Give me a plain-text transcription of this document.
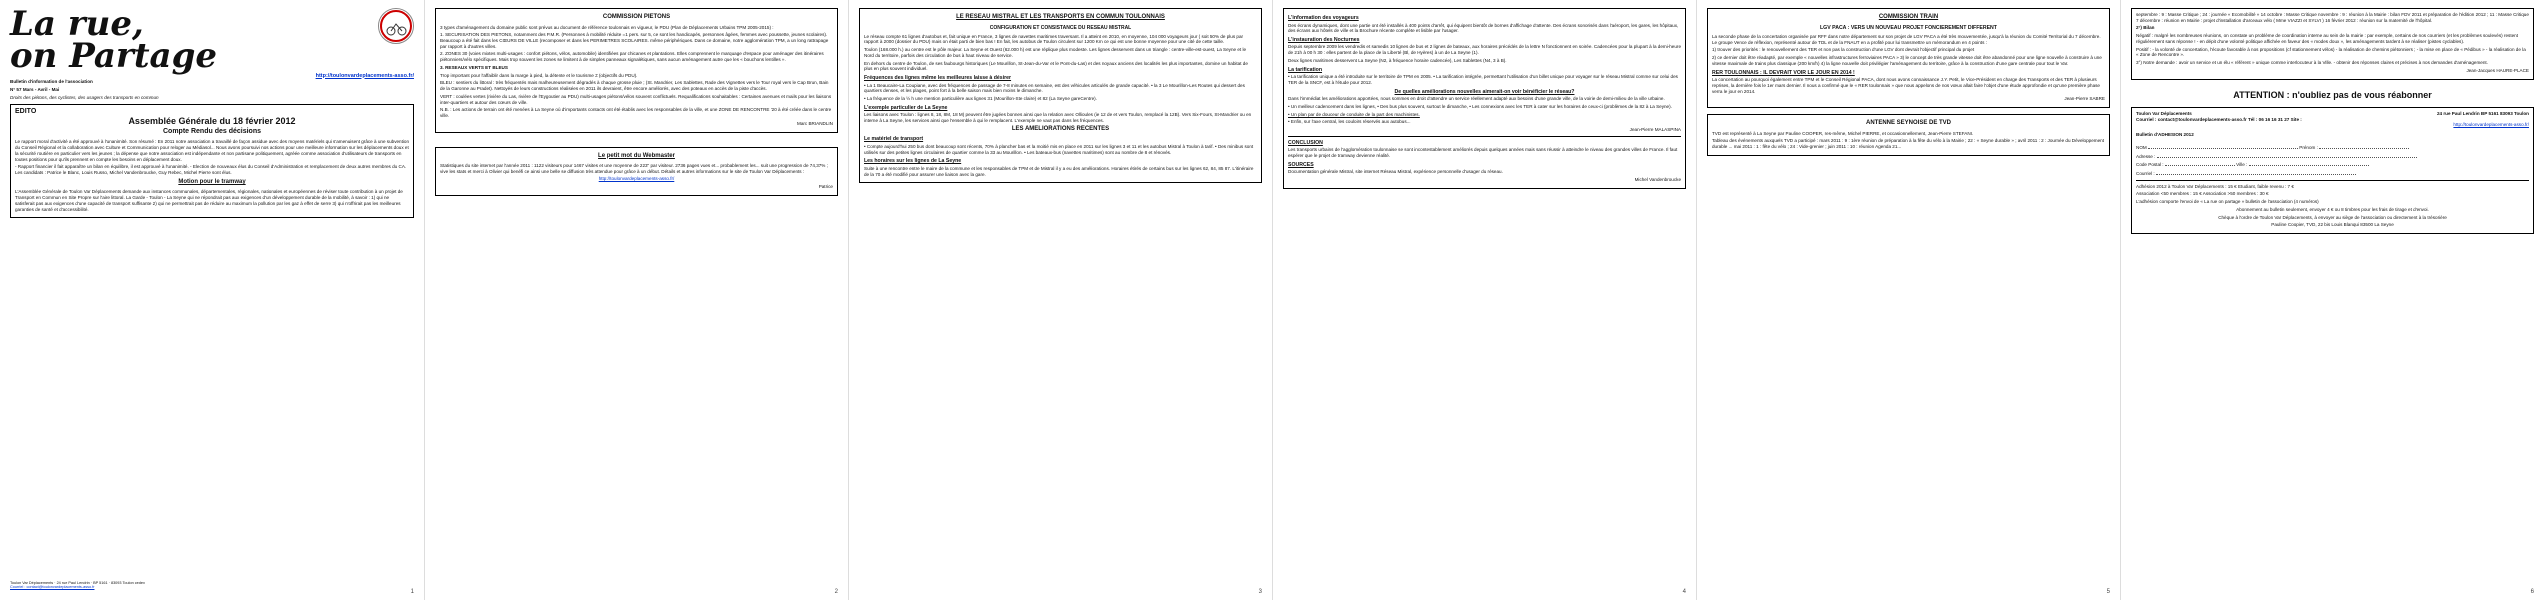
La rue,
on Partage	http://toulonvardeplacements-asso.fr/

Bulletin d'information de l'association

N° 57 Mars - Avril - Mai

Droits des piétons, des cyclistes, des usagers des transports en commun

EDITO
Assemblée Générale du 18 février 2012
Compte Rendu des décisions

Le rapport moral d'activité a été approuvé à l'unanimité. Son résumé : En 2011 notre association a travaillé de façon assidue avec des moyens matériels qui s'amenuisent grâce à une subvention du Conseil Régional et la collaboration avec Culture et Communication pour reloger au Médiasol... Nous avons poursuivi nos actions pour une meilleure information sur les déplacements doux et la sécurité routière en particulier vers les jeunes ; la dépense que notre association est indépendante et non partisane politiquement, agréée comme association d'utilisateurs de transports en toutes positions pour qu'ils prennent en compte les besoins en déplacement doux.

- Rapport financier il fait apparaître un bilan en équilibre, il est approuvé à l'unanimité. - Election de nouveaux élus du Conseil d'Administration et remplacement de deux autres membres du CA. Les candidats : Patrice le Blanc, Louis Russo, Michel Vandenbroucke, Guy Rebec, Michel Pierre sont élus.

Motion pour le tramway

L'Assemblée Générale de Toulon Var Déplacements demande aux instances communales, départementales, régionales, nationales et européennes de réviser toute contribution à un projet de Transport en Commun en Site Propre sur l'aire littoral. La Garde - Toulon - La Seyne qui ne répondrait pas aux exigences d'un développement durable de la mobilité, à savoir : 1) qui ne satisferait pas aux exigences d'une capacité de transport suffisante 2) qui ne permettrait pas de réduire au maximum la pollution par les gaz à effet de serre 3) qui n'offrirait pas les meilleures garanties de santé et d'accessibilité.

Toulon Var Déplacements · 24 rue Paul Lendrin · BP 5161 · 83093 Toulon cedex
Courriel : contact@toulonvardeplacements-asso.fr
1
COMMISSION PIETONS

3 types d'aménagement du domaine public sont prévus au document de référence toulonnais en vigueur, le PDU (Plan de Déplacements Urbains TPM 2005-2015) :

1. SECURISATION DES PIETONS, notamment des P.M.R. (Personnes à mobilité réduite =1 pers. sur 5, ce sont les handicapés, personnes âgées, femmes avec poussette, jeunes scolaires). Beaucoup a été fait dans les CŒURS DE VILLE (recomposer et dans les PERIMETRES SCOLAIRES. même périphériques. Dans ce domaine, notre agglomération TPM, a un long rattrapage par rapport à d'autres villes.

2. ZONES 30 (voies mixtes multi-usages : confort piétons, vélos, automobile) identifiées par chicanes et plantations. Elles comprennent le marquage d'espace pour aménager des itinéraires piétonniers/vélo spécifiques. Mais trop souvent les zones se limitent à de simples panneaux signalétiques, sans aucun aménagement autre que les « bouchons lentilles ».

3. RESEAUX VERTS ET BLEUS

Trop important pour l'affaiblir dans la marge à pied, la détente et le tourisme ≠ (objectifs du PDU).

BLEU : sentiers du littoral : très fréquentés mais malheureusement dégradés à chaque grosse pluie ; (St. Mandrier, Les Sablettes, Rade des Vignettes vers le Tour royal vers le Cap Brun, Bain de la Garonne au Pradet). Nettoyés de leurs constructions réalisées en 2011 ils devraient, être encore améliorés, avec des poteaux en accès de la piste d'accès.

VERT : coulées vertes (rivière du Las, rivière de l'Eygoutier au PDU) multi-usages piétons/vélos souvent conflictuels. Requalifications souhaitables : Certaines avenues et mails pour les liaisons inter-quartiers et autour des cœurs de ville.

N.B. : Les actions de terrain ont été menées à La Seyne où d'importants contacts ont été établis avec les responsables de la ville, et une ZONE DE RENCONTRE '20 à été créée dans le centre ville.

Marc BRIANDLIN

Le petit mot du Webmaster

Statistiques du site internet par l'année 2011 : 1122 visiteurs pour 1467 visites et une moyenne de 223" par visiteur. 2736 pages vues et... probablement les... suit une progression de 74,37% ; vive les stats et merci à Olivier qui benéfi ce ainsi une belle se diffusion très attendue pour grâce à un début. Détails et autres informations sur le site de Toulon Var Déplacements :

http://toulonvardeplacements-asso.fr/

Patrice

2
LE RESEAU MISTRAL ET LES TRANSPORTS EN COMMUN TOULONNAIS
CONFIGURATION ET CONSISTANCE DU RESEAU MISTRAL

Le réseau compte 61 lignes d'autobus et, fait unique en France, 3 lignes de navettes maritimes traversant. Il a atteint en 2010, en moyenne, 104 000 voyageurs jour ( soit 50% de plus par rapport à 2000 (dossier du PDU) mais on était parti de bien bas ! En fait, les autobus de Toulon circulent sur 1200 Km ce qui est une bonne moyenne pour une cité de cette taille.

Toulon (168.000 h.) au centre est le pôle majeur. La Seyne et Ouest (62.000 h) est une réplique plus modeste. Les lignes desservent dans un triangle : centre-ville-est-ouest, La Seyne et le Nord du territoire, parfois des circulation de bus à haut niveau de service.

En dehors du centre de Toulon, de ses faubourgs historiques (Le Mourillon, St-Jean-du-Var et le Pont-du-Las) et des noyaux anciens des localités les plus importantes, domine un habitat de plus en plus souvent individuel.

Fréquences des lignes même les meilleures laisse à désirer

• La 1 Beaucaire-La Coupiane, avec des fréquences de passage de 7-8 minutes en semaine, est des véhicules articulés de grande capacité. • la 3 Le Mourillon-Les Routes qui dessert des quartiers denses, et les plages, point fort à la belle saison mais bien moins le dimanche.

• La fréquence de la ½ h une mention particulière aux lignes 31 (Mourillon-Ste claire) et 82 (La Seyne gareCentre).

L'exemple particulier de La Seyne

Les liaisons avec Toulon : lignes 8, 18, 8M, 18 M) peuvent être jugées bonnes ainsi que la relation avec Ollioules (ie 12 de et vers Toulon, remplacé la 12B). Vers Six-Fours, St-Mandrier ou en interne à La Seyne, les services ainsi que l'ensemble à qui le remplacent. L'exemple ne vaut pas dans les fréquences.

LES AMELIORATIONS RECENTES

Le matériel de transport

• Compte aujourd'hui 250 bus dont beaucoup sont récents, 70% à plancher bas et la moitié mis en place en 2011 sur les lignes 3 et 11 et les autobus Mistral à Toulon à tarif. • Des minibus sont utilisés sur des petites lignes circulaires de quartier comme la 33 au Mourillon. • Les bateaux-bus (navettes maritimes) sont au nombre de 8 et rénovés.

Les horaires sur les lignes de La Seyne

Suite à une rencontre entre le maire de la commune et les responsables de TPM et de Mistral il y a eu des améliorations. Horaires étirés de certains bus sur les lignes 62, 84, 85 87. L'itinéraire de la 70 a été modifié pour assurer une liaison avec la gare.

3

L'information des voyageurs

Des écrans dynamiques, dont une partie ont été installés à 400 points d'arrêt, qui équipent bientôt de bornes d'affichage d'attente. Des écrans sonorisés dans l'aéroport, les gares, les hôpitaux, des écrans aux hôtels de ville et la Brochure récente complète et lisible par l'usager.

L'instauration des Nocturnes

Depuis septembre 2009 les vendredis et samedis 10 lignes de bus et 2 lignes de bateaux, aux horaires précédés de la lettre N fonctionnent en soirée. Cadencées pour la plupart à la demi-heure de 21h à 00 h 30 : elles partent de la place de la Liberté (Bl, de Hyères) à un de La Seyne (1).

Deux lignes maritimes desservent La Seyne (N2, à fréquence horaire cadencée), Les Sablettes (N4, 3 à B).

La tarification

• La tarification unique a été introduite sur le territoire de TPM en 2005. • La tarification intégrée, permettant l'utilisation d'un billet unique pour voyager sur le réseau Mistral comme sur celui des TER de la SNCF, est à l'étude pour 2012.

De quelles améliorations nouvelles aimerait-on voir bénéficier le réseau?

Dans l'immédiat les améliorations apportées, nous sommes en droit d'attendre un service réellement adapté aux besoins d'une grande ville, de la voirie de demi-milieu de la ville urbaine.

• Un meilleur cadencement dans les lignes, • Des bus plus souvent, surtout le dimanche, • Les connexions avec les TER à cater sur les horaires de ceux-ci (problèmes de la 82 à La Seyne).

• Un plan par de douceur de conduite de la part des machinistes.

• Enfin, sur l'axe central, les couloirs réservés aux autobus...

Jean-Pierre MALASPINA

CONCLUSION

Les transports urbains de l'agglomération toulonnaise se sont incontestablement améliorés depuis quelques années mais sans réussir à atteindre le niveau des grandes villes de France. Il faut espérer que le projet de tramway devienne réalité.

SOURCES

Documentation générale Mistral, site internet Réseau Mistral, expérience personnelle d'usager du réseau.

Michel Vandenbroucke

4
COMMISSION TRAIN
LGV PACA : VERS UN NOUVEAU PROJET FONCIEREMENT DIFFERENT

La seconde phase de la concertation organisée par RFF dans notre département sur son projet de LGV PACA a été très mouvementée, jusqu'à la réunion du Comité Territorial du 7 décembre. Le groupe Vence de réflexion, représenté autour de TDL et de la FNAUT en a profité pour lui transmettre un mémorandum en 4 points :

1) trouver des priorités : le renouvellement des TER et non pas la construction d'une LGV dont devrait l'objectif principal du projet

2) ce dernier doit être réadapté, par exemple « nouvelles infrastructures ferroviaires PACA » 3) le concept de très grande vitesse doit être abandonné pour une ligne nouvelle à construire à une vitesse maximale de trains plus classique (200 km/h) 4) la ligne nouvelle doit privilégier l'aménagement du territoire, grâce à la construction d'une gare centrale pour tout le Var.

RER TOULONNAIS : IL DEVRAIT VOIR LE JOUR EN 2014 !

La concertation au pourquoi également entre TPM et le Conseil Régional PACA, dont nous avons connaissance J.Y. Petit, le Vice-Président en charge des Transports et des TER à plusieurs reprises, la dernière fois le 1er mars dernier. Il nous a confirmé que le « RER toulonnais » que nous appelons de nos vœux allait faire l'objet d'une étude approfondie et qu'une première phase verra le jour en 2014.

Jean-Pierre SABRE

ANTENNE SEYNOISE DE TVD

TVD est représenté à La Seyne par Pauline COOPER, res-même, Michel PIERRE, et occasionnellement, Jean-Pierre STEFANI.

Tableau des événements auxquels TVD a participé : mars 2011 : 9 : 1ère réunion de préparation à la fête du vélo à la Mairie ; 22 : « Seyne durable » ; avril 2011 : 2 : Journée du Développement durable ... mai 2011 : 1 : fête du vélo ; 24 : Vide-grenier ; juin 2011 : 10 : réunion Agenda 21...

5

septembre : 9 : Masse Critique ; 24 : journée « Ecomobilité » 14 octobre : Masse Critique novembre : 9 : réunion à la Mairie : bilan FDV 2011 et préparation de l'édition 2012 ; 11 : Masse Critique 7 décembre : réunion en Mairie : projet d'installation d'arceaux vélo ( Mme VIAZZI et SYLVI ) 16 février 2012 : réunion sur la maternité de l'hôpital.

2°) Bilan

Négatif : malgré les nombreuses réunions, on constate un problème de coordination interne au sein de la mairie : par exemple, certains de nos courriers (et les problèmes soulevés) restent régulièrement sans réponse ! - en dépit d'une volonté politique affichée en faveur des « modes doux », les aménagements tardent à se réaliser (pistes cyclables).

Positif : - la volonté de concertation, l'écoute favorable à nos propositions (cf stationnement vélos) - la réalisation de chemins piétonniers ; - la mise en place de « Pédibus » - la réalisation de la « Zone de Rencontre ».

3°) Notre demande : avoir un service et un élu « référent » unique comme interlocuteur à la Ville. - obtenir des réponses claires et précises à nos demandes d'aménagement.

Jean-Jacques HAURE-PLACE

ATTENTION : n'oubliez pas de vous réabonner
Toulon Var Déplacements	24 rue Paul Lendrin BP 5161 83093 Toulon
Courriel : contact@toulonvardeplacements-asso.fr Tél : 06 16 16 31 27 Site :
http://toulonvardeplacements-asso.fr/
Bulletin d'ADHESION 2012
NOM	Prénom :
Adresse :
Code Postal :	Ville :
Courriel :

Adhésion 2012 à Toulon Var Déplacements : 15 € Etudiant, faible revenu : 7 €

Association <50 membres : 15 € Association >50 membres : 30 €

L'adhésion comporte l'envoi de « La rue on partage » bulletin de l'association (4 numéros)

Abonnement au bulletin seulement, envoyer 4 € ou 8 timbres pour les frais de tirage et d'envoi.

Chèque à l'ordre de Toulon Var Déplacements, à envoyer au siège de l'association ou directement à la trésorière

Pauline Coopier, TVD, 22 bis Louis Blanqui 83500 La Seyne

6
